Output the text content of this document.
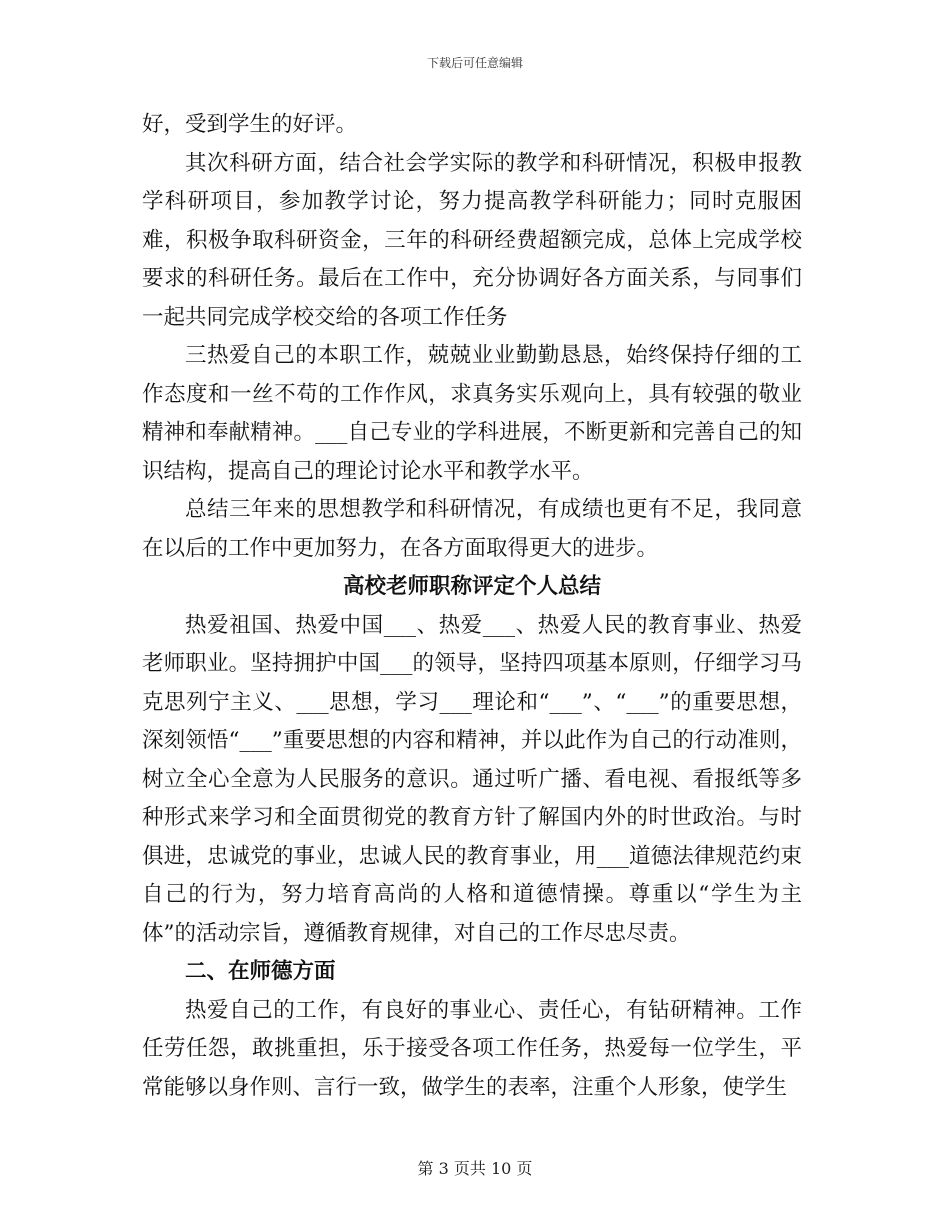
下载后可任意编辑

好，受到学生的好评。

其次科研方面，结合社会学实际的教学和科研情况，积极申报教学科研项目，参加教学讨论，努力提高教学科研能力；同时克服困难，积极争取科研资金，三年的科研经费超额完成，总体上完成学校要求的科研任务。最后在工作中，充分协调好各方面关系，与同事们一起共同完成学校交给的各项工作任务

三热爱自己的本职工作，兢兢业业勤勤恳恳，始终保持仔细的工作态度和一丝不苟的工作作风，求真务实乐观向上，具有较强的敬业精神和奉献精神。___自己专业的学科进展，不断更新和完善自己的知识结构，提高自己的理论讨论水平和教学水平。

总结三年来的思想教学和科研情况，有成绩也更有不足，我同意在以后的工作中更加努力，在各方面取得更大的进步。

高校老师职称评定个人总结

热爱祖国、热爱中国___、热爱___、热爱人民的教育事业、热爱老师职业。坚持拥护中国___的领导，坚持四项基本原则，仔细学习马克思列宁主义、___思想，学习___理论和“___”、“___”的重要思想，深刻领悟“___”重要思想的内容和精神，并以此作为自己的行动准则，树立全心全意为人民服务的意识。通过听广播、看电视、看报纸等多种形式来学习和全面贯彻党的教育方针了解国内外的时世政治。与时俱进，忠诚党的事业，忠诚人民的教育事业，用___道德法律规范约束自己的行为，努力培育高尚的人格和道德情操。尊重以“学生为主体”的活动宗旨，遵循教育规律，对自己的工作尽忠尽责。

二、在师德方面

热爱自己的工作，有良好的事业心、责任心，有钻研精神。工作任劳任怨，敢挑重担，乐于接受各项工作任务，热爱每一位学生，平常能够以身作则、言行一致，做学生的表率，注重个人形象，使学生

第 3 页共 10 页
